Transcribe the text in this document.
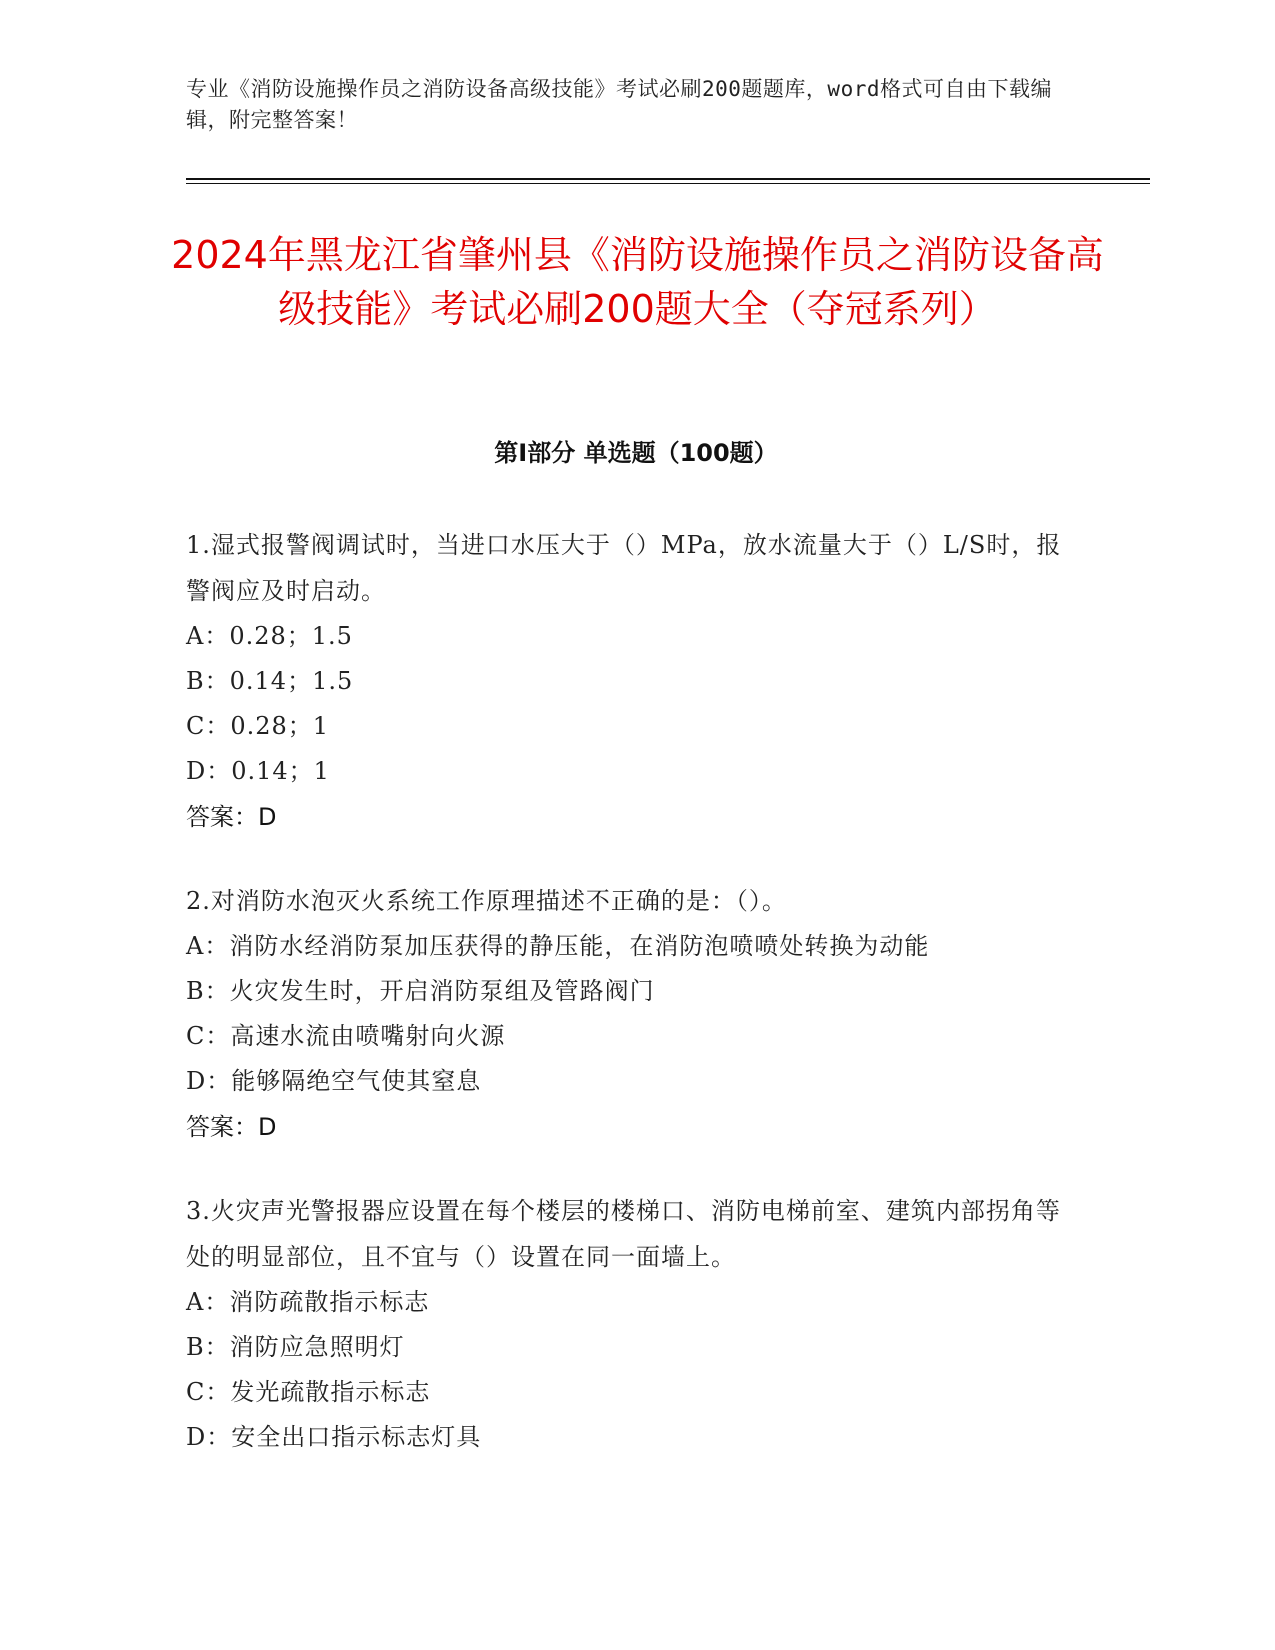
专业《消防设施操作员之消防设备高级技能》考试必刷200题题库，word格式可自由下载编辑，附完整答案！
2024年黑龙江省肇州县《消防设施操作员之消防设备高级技能》考试必刷200题大全（夺冠系列）
第I部分 单选题（100题）
1.湿式报警阀调试时，当进口水压大于（）MPa，放水流量大于（）L/S时，报警阀应及时启动。
A：0.28；1.5
B：0.14；1.5
C：0.28；1
D：0.14；1
答案：D
2.对消防水泡灭火系统工作原理描述不正确的是：（）。
A：消防水经消防泵加压获得的静压能，在消防泡喷喷处转换为动能
B：火灾发生时，开启消防泵组及管路阀门
C：高速水流由喷嘴射向火源
D：能够隔绝空气使其窒息
答案：D
3.火灾声光警报器应设置在每个楼层的楼梯口、消防电梯前室、建筑内部拐角等处的明显部位，且不宜与（）设置在同一面墙上。
A：消防疏散指示标志
B：消防应急照明灯
C：发光疏散指示标志
D：安全出口指示标志灯具
